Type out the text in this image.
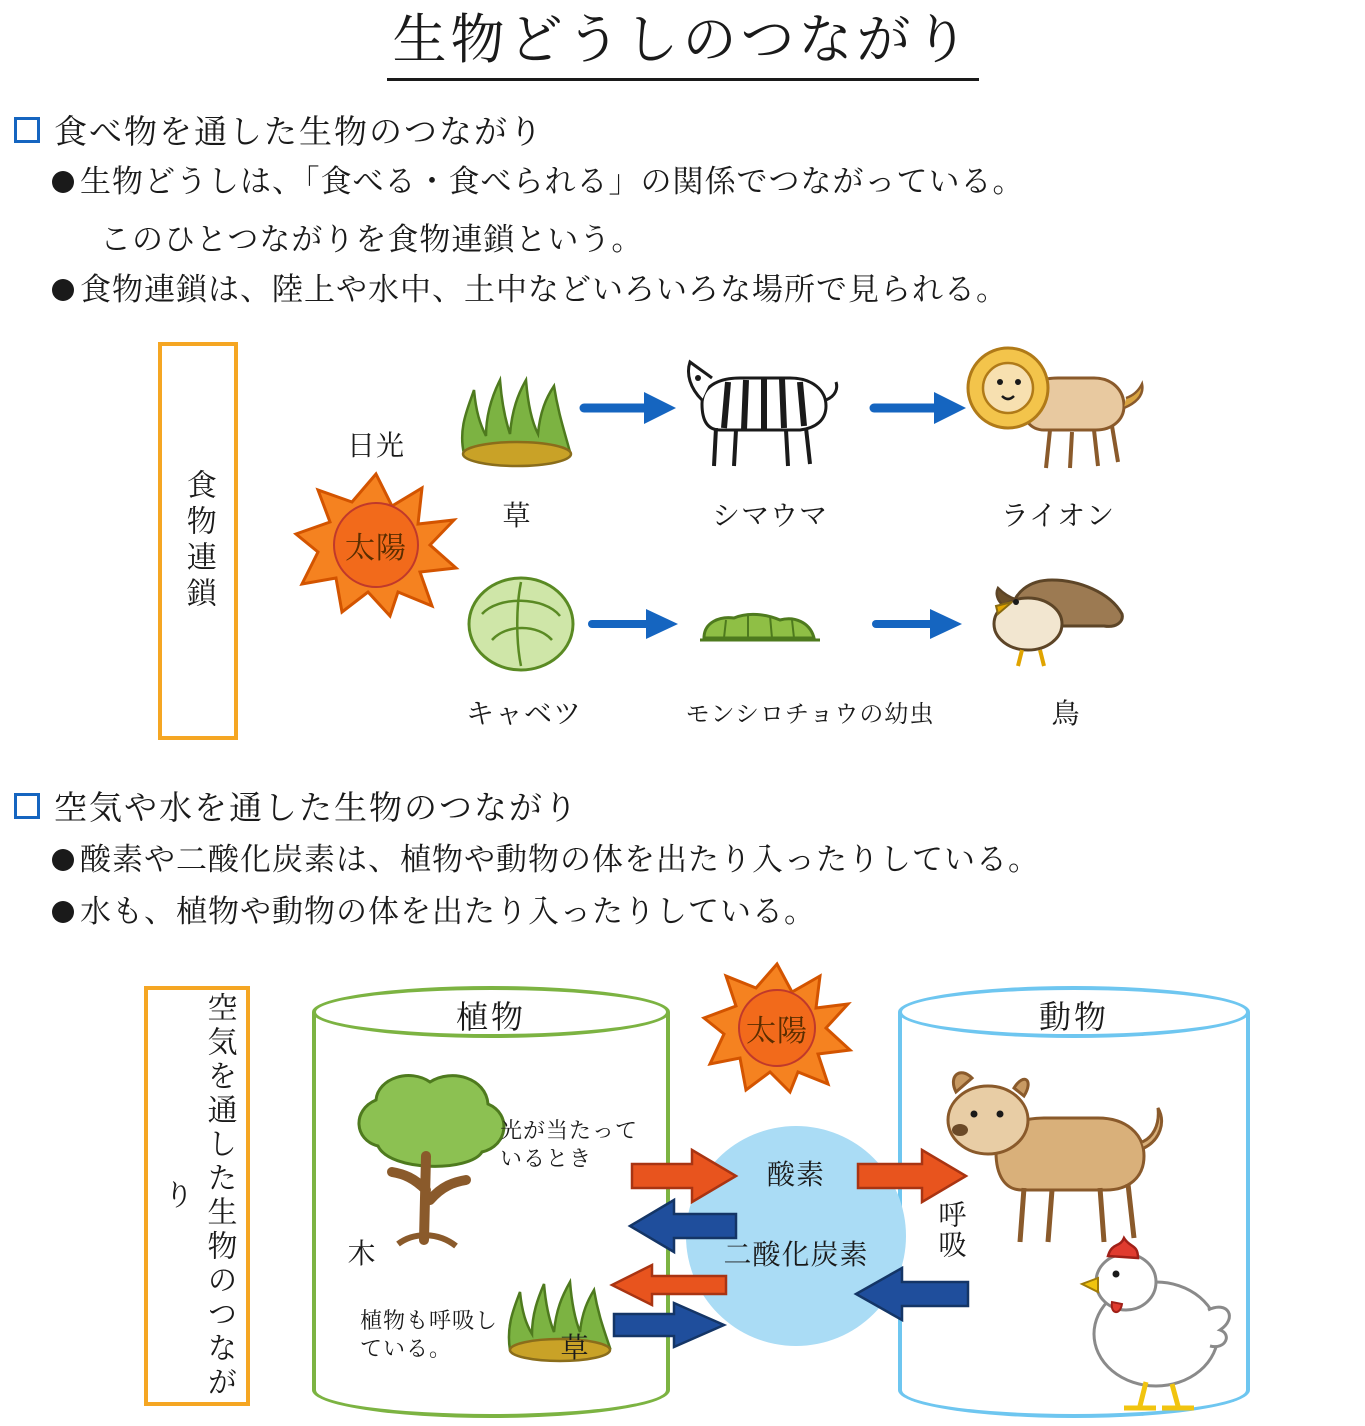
生物どうしのつながり
食べ物を通した生物のつながり
生物どうしは、「食べる・食べられる」の関係でつながっている。
このひとつながりを食物連鎖という。
食物連鎖は、陸上や水中、土中などいろいろな場所で見られる。
食物連鎖
日光
太陽
草	シマウマ	ライオン
キャベツ	モンシロチョウの幼虫	鳥
空気や水を通した生物のつながり
酸素や二酸化炭素は、植物や動物の体を出たり入ったりしている。
水も、植物や動物の体を出たり入ったりしている。
空気を通した生物のつながり
植物
木
草
植物も呼吸している。
光が当たっているとき
太陽	動物
呼吸
酸素
二酸化炭素
